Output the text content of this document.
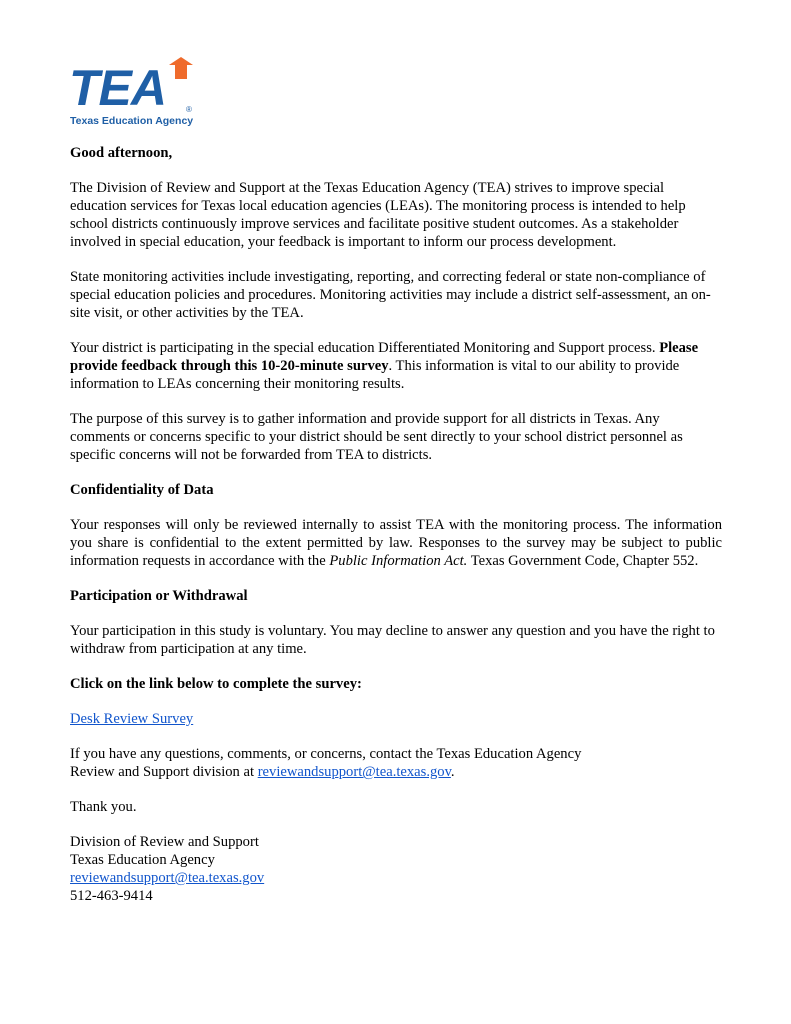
TEA	®
Texas Education Agency

Good afternoon,

The Division of Review and Support at the Texas Education Agency (TEA) strives to improve special education services for Texas local education agencies (LEAs). The monitoring process is intended to help school districts continuously improve services and facilitate positive student outcomes. As a stakeholder involved in special education, your feedback is important to inform our process development.

State monitoring activities include investigating, reporting, and correcting federal or state non-compliance of special education policies and procedures. Monitoring activities may include a district self-assessment, an on-site visit, or other activities by the TEA.

Your district is participating in the special education Differentiated Monitoring and Support process. Please provide feedback through this 10-20-minute survey. This information is vital to our ability to provide information to LEAs concerning their monitoring results.

The purpose of this survey is to gather information and provide support for all districts in Texas. Any comments or concerns specific to your district should be sent directly to your school district personnel as specific concerns will not be forwarded from TEA to districts.

Confidentiality of Data

Your responses will only be reviewed internally to assist TEA with the monitoring process. The information you share is confidential to the extent permitted by law. Responses to the survey may be subject to public information requests in accordance with the Public Information Act. Texas Government Code, Chapter 552.

Participation or Withdrawal

Your participation in this study is voluntary. You may decline to answer any question and you have the right to withdraw from participation at any time.

Click on the link below to complete the survey:

Desk Review Survey

If you have any questions, comments, or concerns, contact the Texas Education Agency
Review and Support division at reviewandsupport@tea.texas.gov.

Thank you.

Division of Review and Support
Texas Education Agency
reviewandsupport@tea.texas.gov
512-463-9414
